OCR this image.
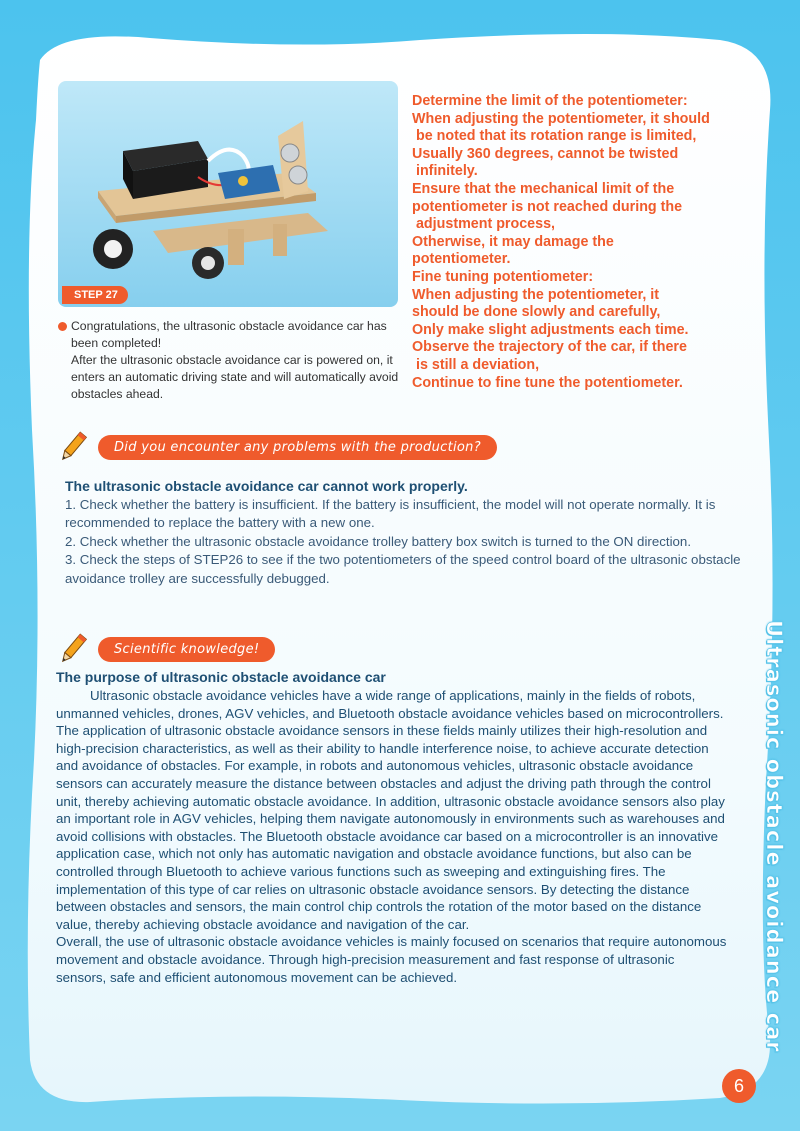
STEP 27

Congratulations, the ultrasonic obstacle avoidance car has been completed!

After the ultrasonic obstacle avoidance car is powered on, it enters an automatic driving state and will automatically avoid obstacles ahead.

Determine the limit of the potentiometer:
When adjusting the potentiometer, it should
be noted that its rotation range is limited,
Usually 360 degrees, cannot be twisted
infinitely.
Ensure that the mechanical limit of the
potentiometer is not reached during the
adjustment process,
Otherwise, it may damage the
potentiometer.
Fine tuning potentiometer:
When adjusting the potentiometer, it
should be done slowly and carefully,
Only make slight adjustments each time.
Observe the trajectory of the car, if there
is still a deviation,
Continue to fine tune the potentiometer.
Did you encounter any problems with the production?
The ultrasonic obstacle avoidance car cannot work properly.

1. Check whether the battery is insufficient. If the battery is insufficient, the model will not operate normally. It is recommended to replace the battery with a new one.

2. Check whether the ultrasonic obstacle avoidance trolley battery box switch is turned to the ON direction.

3. Check the steps of STEP26 to see if the two potentiometers of the speed control board of the ultrasonic obstacle avoidance trolley are successfully debugged.

Scientific knowledge!
The purpose of ultrasonic obstacle avoidance car

Ultrasonic obstacle avoidance vehicles have a wide range of applications, mainly in the fields of robots, unmanned vehicles, drones, AGV vehicles, and Bluetooth obstacle avoidance vehicles based on microcontrollers.

The application of ultrasonic obstacle avoidance sensors in these fields mainly utilizes their high-resolution and high-precision characteristics, as well as their ability to handle interference noise, to achieve accurate detection and avoidance of obstacles. For example, in robots and autonomous vehicles, ultrasonic obstacle avoidance sensors can accurately measure the distance between obstacles and adjust the driving path through the control unit, thereby achieving automatic obstacle avoidance. In addition, ultrasonic obstacle avoidance sensors also play an important role in AGV vehicles, helping them navigate autonomously in environments such as warehouses and avoid collisions with obstacles. The Bluetooth obstacle avoidance car based on a microcontroller is an innovative application case, which not only has automatic navigation and obstacle avoidance functions, but also can be controlled through Bluetooth to achieve various functions such as sweeping and extinguishing fires. The implementation of this type of car relies on ultrasonic obstacle avoidance sensors. By detecting the distance between obstacles and sensors, the main control chip controls the rotation of the motor based on the distance value, thereby achieving obstacle avoidance and navigation of the car.

Overall, the use of ultrasonic obstacle avoidance vehicles is mainly focused on scenarios that require autonomous movement and obstacle avoidance. Through high-precision measurement and fast response of ultrasonic sensors, safe and efficient autonomous movement can be achieved.	Ultrasonic obstacle avoidance car
6
